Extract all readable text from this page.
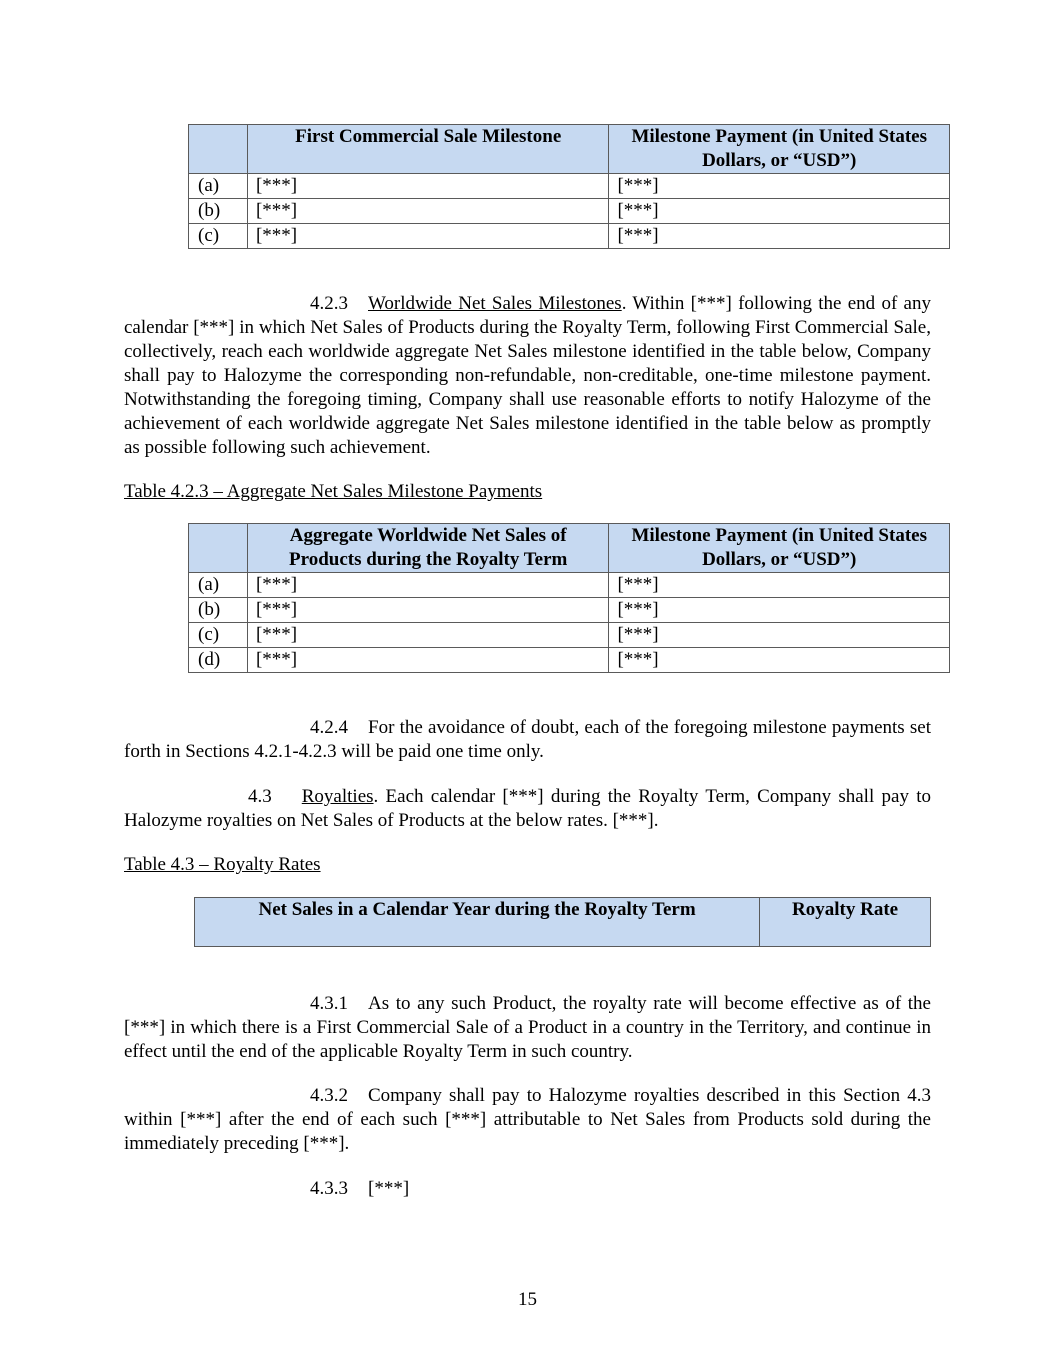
	First Commercial Sale Milestone	Milestone Payment (in United States Dollars, or “USD”)
(a)	[***]	[***]
(b)	[***]	[***]
(c)	[***]	[***]

4.2.3 Worldwide Net Sales Milestones. Within [***] following the end of any calendar [***] in which Net Sales of Products during the Royalty Term, following First Commercial Sale, collectively, reach each worldwide aggregate Net Sales milestone identified in the table below, Company shall pay to Halozyme the corresponding non-refundable, non-creditable, one-time milestone payment. Notwithstanding the foregoing timing, Company shall use reasonable efforts to notify Halozyme of the achievement of each worldwide aggregate Net Sales milestone identified in the table below as promptly as possible following such achievement.

Table 4.2.3 – Aggregate Net Sales Milestone Payments

	Aggregate Worldwide Net Sales of Products during the Royalty Term	Milestone Payment (in United States Dollars, or “USD”)
(a)	[***]	[***]
(b)	[***]	[***]
(c)	[***]	[***]
(d)	[***]	[***]

4.2.4 For the avoidance of doubt, each of the foregoing milestone payments set forth in Sections 4.2.1-4.2.3 will be paid one time only.

4.3 Royalties. Each calendar [***] during the Royalty Term, Company shall pay to Halozyme royalties on Net Sales of Products at the below rates. [***].

Table 4.3 – Royalty Rates

Net Sales in a Calendar Year during the Royalty Term	Royalty Rate

4.3.1 As to any such Product, the royalty rate will become effective as of the [***] in which there is a First Commercial Sale of a Product in a country in the Territory, and continue in effect until the end of the applicable Royalty Term in such country.

4.3.2 Company shall pay to Halozyme royalties described in this Section 4.3 within [***] after the end of each such [***] attributable to Net Sales from Products sold during the immediately preceding [***].

4.3.3 [***]

15
